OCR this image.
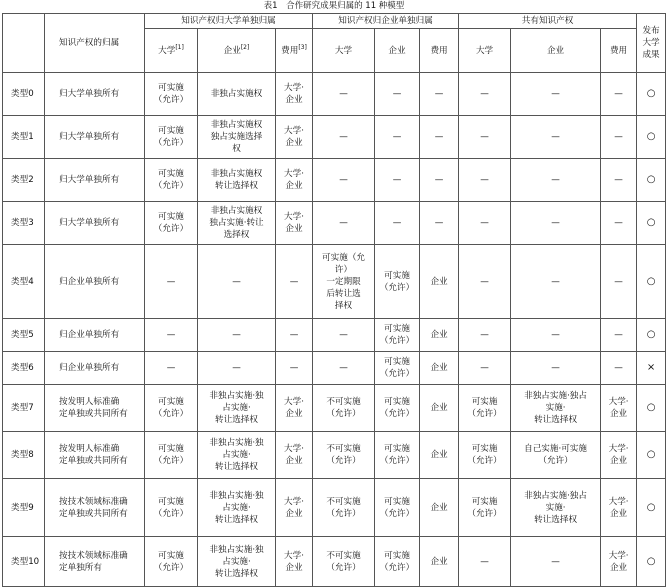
表1　合作研究成果归属的 11 种模型
	知识产权的归属	知识产权归大学单独归属			知识产权归企业单独归属			共有知识产权			发布
大学
成果
		大学[1]	企业[2]	费用[3]	大学	企业	费用	大学	企业	费用	
类型0	归大学单独所有	可实施
（允许）	非独占实施权	大学·
企业	—	—	—	—	—	—	○
类型1	归大学单独所有	可实施
（允许）	非独占实施权
独占实施选择
权	大学·
企业	—	—	—	—	—	—	○
类型2	归大学单独所有	可实施
（允许）	非独占实施权
转让选择权	大学·
企业	—	—	—	—	—	—	○
类型3	归大学单独所有	可实施
（允许）	非独占实施权
独占实施·转让
选择权	大学·
企业	—	—	—	—	—	—	○
类型4	归企业单独所有	—	—	—	可实施（允
许）
一定期限
后转让选
择权	可实施
（允许）	企业	—	—	—	○
类型5	归企业单独所有	—	—	—	—	可实施
（允许）	企业	—	—	—	○
类型6	归企业单独所有	—	—	—	—	可实施
（允许）	企业	—	—	—	×
类型7	按发明人标准确
定单独或共同所有	可实施
（允许）	非独占实施·独
占实施·
转让选择权	大学·
企业	不可实施
（允许）	可实施
（允许）	企业	可实施
（允许）	非独占实施·独占
实施·
转让选择权	大学·
企业	○
类型8	按发明人标准确
定单独或共同所有	可实施
（允许）	非独占实施·独
占实施·
转让选择权	大学·
企业	不可实施
（允许）	可实施
（允许）	企业	可实施
（允许）	自己实施·可实施
（允许）	大学·
企业	○
类型9	按技术领域标准确
定单独或共同所有	可实施
（允许）	非独占实施·独
占实施·
转让选择权	大学·
企业	不可实施
（允许）	可实施
（允许）	企业	可实施
（允许）	非独占实施·独占
实施·
转让选择权	大学·
企业	○
类型10	按技术领域标准确
定单独所有	可实施
（允许）	非独占实施·独
占实施·
转让选择权	大学·
企业	不可实施
（允许）	可实施
（允许）	企业	—	—	大学·
企业	○
